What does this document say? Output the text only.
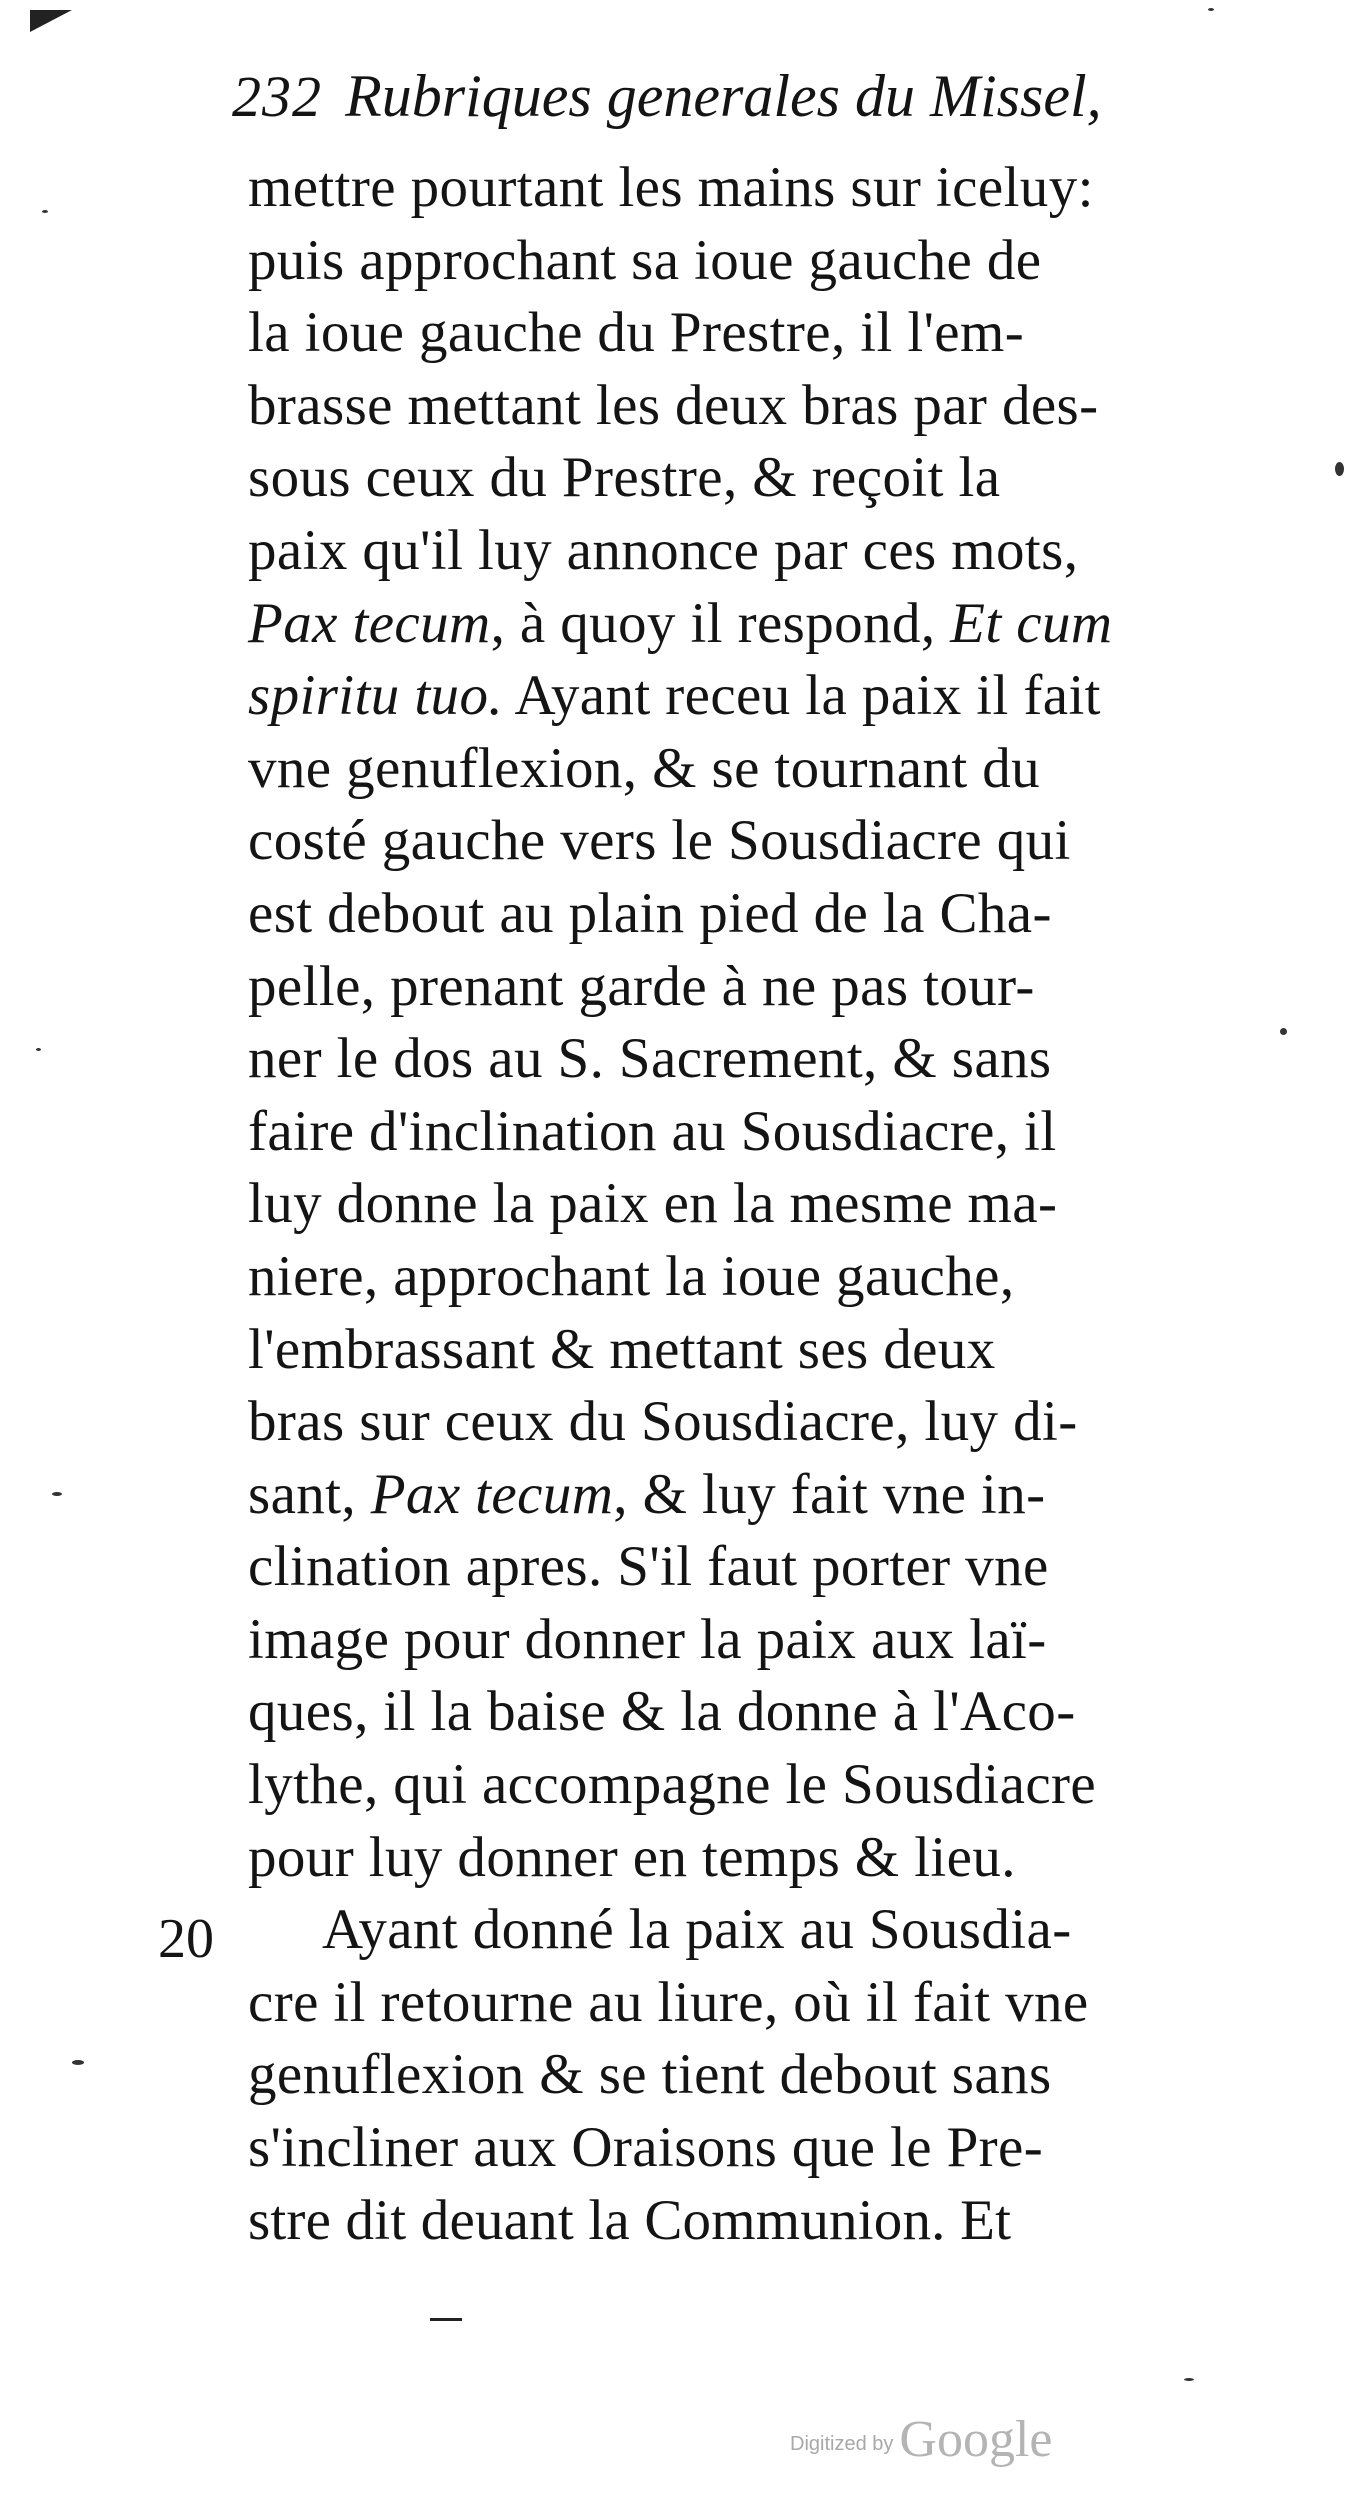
232 Rubriques generales du Missel,
mettre pourtant les mains sur iceluy:
puis approchant sa ioue gauche de
la ioue gauche du Prestre, il l'em-
brasse mettant les deux bras par des-
sous ceux du Prestre, & reçoit la
paix qu'il luy annonce par ces mots,
Pax tecum, à quoy il respond, Et cum
spiritu tuo. Ayant receu la paix il fait
vne genuflexion, & se tournant du
costé gauche vers le Sousdiacre qui
est debout au plain pied de la Cha-
pelle, prenant garde à ne pas tour-
ner le dos au S. Sacrement, & sans
faire d'inclination au Sousdiacre, il
luy donne la paix en la mesme ma-
niere, approchant la ioue gauche,
l'embrassant & mettant ses deux
bras sur ceux du Sousdiacre, luy di-
sant, Pax tecum, & luy fait vne in-
clination apres. S'il faut porter vne
image pour donner la paix aux laï-
ques, il la baise & la donne à l'Aco-
lythe, qui accompagne le Sousdiacre
pour luy donner en temps & lieu.
Ayant donné la paix au Sousdia-
cre il retourne au liure, où il fait vne
genuflexion & se tient debout sans
s'incliner aux Oraisons que le Pre-
stre dit deuant la Communion. Et
20
Digitized by Google
